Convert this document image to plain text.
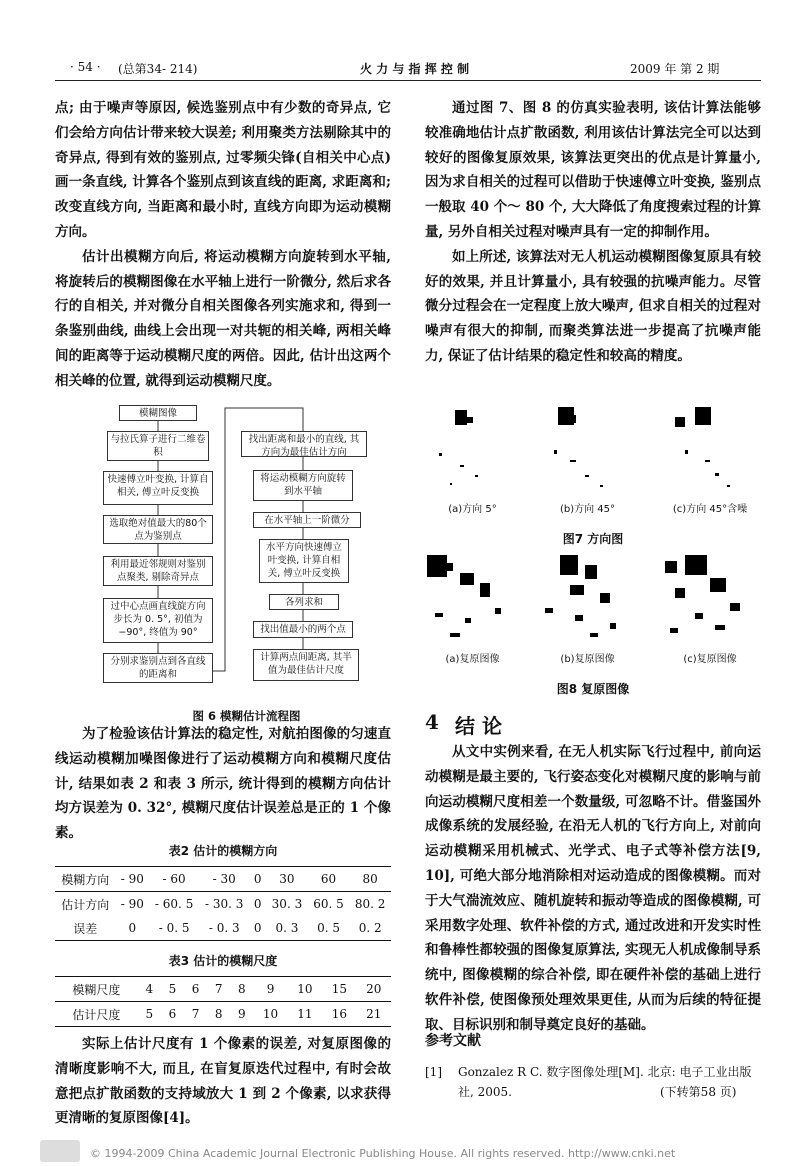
· 54 · (总第34- 214)	火 力 与 指 挥 控 制	2009 年 第 2 期

点; 由于噪声等原因, 候选鉴别点中有少数的奇异点, 它们会给方向估计带来较大误差; 利用聚类方法剔除其中的奇异点, 得到有效的鉴别点, 过零频尖锋(自相关中心点) 画一条直线, 计算各个鉴别点到该直线的距离, 求距离和; 改变直线方向, 当距离和最小时, 直线方向即为运动模糊方向。

估计出模糊方向后, 将运动模糊方向旋转到水平轴, 将旋转后的模糊图像在水平轴上进行一阶微分, 然后求各行的自相关, 并对微分自相关图像各列实施求和, 得到一条鉴别曲线, 曲线上会出现一对共轭的相关峰, 两相关峰间的距离等于运动模糊尺度的两倍。因此, 估计出这两个相关峰的位置, 就得到运动模糊尺度。

模糊图像
与拉氏算子进行二维卷积
快速傅立叶变换, 计算自相关, 傅立叶反变换
选取绝对值最大的80个点为鉴别点
利用最近邻规则对鉴别点聚类, 剔除奇异点
过中心点画直线旋方向步长为 0. 5°, 初值为 −90°, 终值为 90°
分别求鉴别点到各直线的距离和
找出距离和最小的直线, 其方向为最佳估计方向
将运动模糊方向旋转到水平轴
在水平轴上一阶微分
水平方向快速傅立叶变换, 计算自相关, 傅立叶反变换
各列求和
找出值最小的两个点
计算两点间距离, 其半值为最佳估计尺度
图 6 模糊估计流程图

为了检验该估计算法的稳定性, 对航拍图像的匀速直线运动模糊加噪图像进行了运动模糊方向和模糊尺度估计, 结果如表 2 和表 3 所示, 统计得到的模糊方向估计均方误差为 0. 32°, 模糊尺度估计误差总是正的 1 个像素。

表2 估计的模糊方向
模糊方向	- 90	- 60	- 30	0	30	60	80
估计方向	- 90	- 60. 5	- 30. 3	0	30. 3	60. 5	80. 2
误差	0	- 0. 5	- 0. 3	0	0. 3	0. 5	0. 2
表3 估计的模糊尺度
模糊尺度	4	5	6	7	8	9	10	15	20
估计尺度	5	6	7	8	9	10	11	16	21

实际上估计尺度有 1 个像素的误差, 对复原图像的清晰度影响不大, 而且, 在盲复原迭代过程中, 有时会故意把点扩散函数的支持域放大 1 到 2 个像素, 以求获得更清晰的复原图像[4]。

通过图 7、图 8 的仿真实验表明, 该估计算法能够较准确地估计点扩散函数, 利用该估计算法完全可以达到较好的图像复原效果, 该算法更突出的优点是计算量小, 因为求自相关的过程可以借助于快速傅立叶变换, 鉴别点一般取 40 个～ 80 个, 大大降低了角度搜索过程的计算量, 另外自相关过程对噪声具有一定的抑制作用。

如上所述, 该算法对无人机运动模糊图像复原具有较好的效果, 并且计算量小, 具有较强的抗噪声能力。尽管微分过程会在一定程度上放大噪声, 但求自相关的过程对噪声有很大的抑制, 而聚类算法进一步提高了抗噪声能力, 保证了估计结果的稳定性和较高的精度。

(a)方向 5°	(b)方向 45°	(c)方向 45°含噪
图7 方向图
(a)复原图像	(b)复原图像	(c)复原图像
图8 复原图像
4 结 论

从文中实例来看, 在无人机实际飞行过程中, 前向运动模糊是最主要的, 飞行姿态变化对模糊尺度的影响与前向运动模糊尺度相差一个数量级, 可忽略不计。借鉴国外成像系统的发展经验, 在沿无人机的飞行方向上, 对前向运动模糊采用机械式、光学式、电子式等补偿方法[9, 10], 可绝大部分地消除相对运动造成的图像模糊。而对于大气湍流效应、随机旋转和振动等造成的图像模糊, 可采用数字处理、软件补偿的方式, 通过改进和开发实时性和鲁棒性都较强的图像复原算法, 实现无人机成像制导系统中, 图像模糊的综合补偿, 即在硬件补偿的基础上进行软件补偿, 使图像预处理效果更佳, 从而为后续的特征提取、目标识别和制导奠定良好的基础。

参考文献
[1] Gonzalez R C. 数字图像处理[M]. 北京: 电子工业出版社, 2005.	(下转第58 页)
© 1994-2009 China Academic Journal Electronic Publishing House. All rights reserved. http://www.cnki.net
